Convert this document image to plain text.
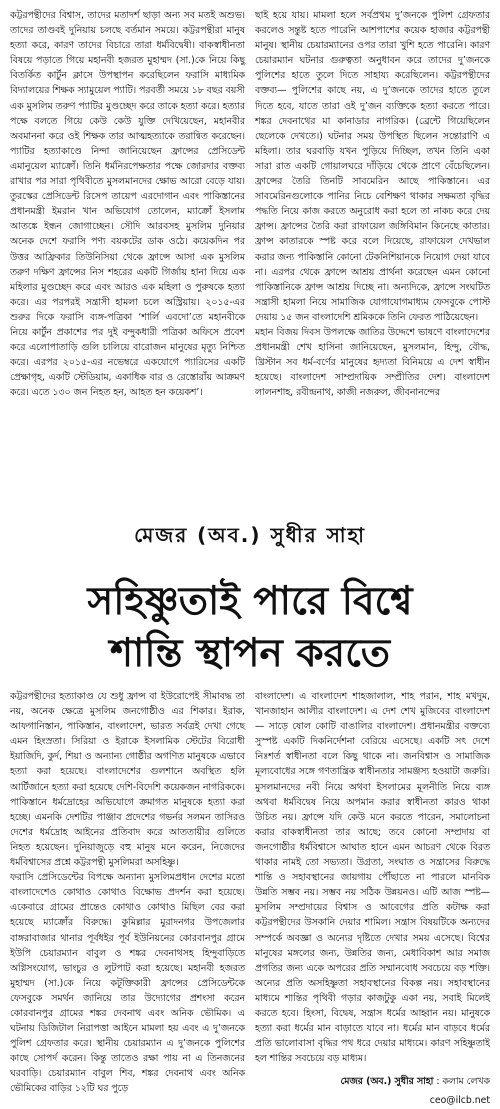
কট্টরপন্থীদের বিশ্বাস, তাদের মতাদর্শ ছাড়া অন্য সব মতই অশুভ। তাদের তাণ্ডবই দুনিয়ায় চলছে বর্তমান সময়ে। কট্টরপন্থীরা মানুষ হত্যা করে, কারণ তাদের বিচারে তারা ধর্মবিদ্বেষী। বাকস্বাধীনতা বিষয়ে পড়াতে গিয়ে মহানবী হজরত মুহাম্মদ (সা.)কে নিয়ে কিছু বিতর্কিত কার্টুন ক্লাসে উপস্থাপন করেছিলেন ফরাসি মাধ্যমিক বিদ্যালয়ের শিক্ষক স্যামুয়েল প্যাটি। পরবর্তী সময়ে ১৮ বছর বয়সী এক মুসলিম তরুণ প্যাটির মুণ্ডচ্ছেদ করে তাকে হত্যা করে। হত্যার পক্ষে বলতে গিয়ে কেউ কেউ যুক্তি দেখিয়েছেন, মহানবীর অবমাননা করে ওই শিক্ষক তার আত্মহত্যাকে তরান্বিত করেছেন। প্যাটির হত্যাকাণ্ডে নিন্দা জানিয়েছেন ফ্রান্সের প্রেসিডেন্ট এমানুয়েল ম্যাক্রোঁ। তিনি ধর্মনিরপেক্ষতার পক্ষে জোরদার বক্তব্য রাখার পর সারা পৃথিবীতে মুসলমানদের ক্ষোভ আরো বেড়ে যায়। তুরস্কের প্রেসিডেন্ট রিসেপ তায়েপ এরদোগান এবং পাকিস্তানের প্রধানমন্ত্রী ইমরান খান অভিযোগ তোলেন, ম্যাক্রোঁ ইসলাম আতঙ্কে ইন্ধন জোগাচ্ছেন। সৌদি আরবসহ মুসলিম দুনিয়ার অনেক দেশে ফরাসি পণ্য বয়কটের ডাক ওঠে। কয়েকদিন পর উত্তর আফ্রিকার তিউনিসিয়া থেকে ফ্রান্সে আসা এক মুসলিম তরুণ দক্ষিণ ফ্রান্সের নিস শহরের একটি গির্জায় হানা দিয়ে এক মহিলার মুণ্ডচ্ছেদ করে এবং আরও এক মহিলা ও পুরুষকে হত্যা করে। এর পরপরই সন্ত্রাসী হামলা চলে অস্ট্রিয়ায়। ২০১৫-এর শুরুর দিকে ফরাসি ব্যঙ্গ-পত্রিকা ‘শার্লি এবদো’তে মহানবীকে নিয়ে কার্টুন প্রকাশের পর দুই বন্দুকধারী পত্রিকা অফিসে প্রবেশ করে এলোপাতাড়ি গুলি চালিয়ে বারোজন মানুষের মৃত্যু নিশ্চিত করে। এরপর ২০১৫-এর নভেম্বরে একযোগে প্যারিসের একটি প্রেক্ষাগৃহ, একটি স্টেডিয়াম, একাধিক বার ও রেস্তোরাঁয় আক্রমণ করে। এতে ১৩০ জন নিহত হন, আহত হন কয়েকশ’।

ছাই হয়ে যায়। মামলা হলে সর্বপ্রথম দু’জনকে পুলিশ গ্রেফতার করলেও সন্তুষ্ট হতে পারেনি আশপাশের কয়েক হাজার কট্টরপন্থী মানুষ। স্থানীয় চেয়ারম্যানের ওপর তারা খুশি হতে পারেনি। কারণ চেয়ারম্যান ঘটনার গুরুত্বতা অনুধাবন করে তাদের দু’জনকে পুলিশের হাতে তুলে দিতে সাহায্য করেছিলেন। কট্টরপন্থীদের বক্তব্য— পুলিশের কাছে নয়, এ দু’জনকে তাদের হাতে তুলে দিতে হবে, যাতে তারা ওই দু’জন ব্যক্তিকে হত্যা করতে পারে। শঙ্কর দেবনাথের মা কানাডার নাগরিক। (ব্রেন্টে গিয়েছিলেন ছেলেকে দেখতে।) ঘটনার সময় উপস্থিত ছিলেন সন্তোরাণি এ মহিলা। তার ঘরবাড়ি যখন পুড়িয়ে দিচ্ছিল, তখন তিনি একা সারা রাত একটি গোয়ালঘরে দাঁড়িয়ে থেকে প্রাণে বেঁচেছিলেন। ফ্রান্সের তৈরি তিনটি সাবমেরিন আছে পাকিস্তানে। এর সাবমেরিনগুলোকে পানির নিচে বেশিক্ষণ থাকার সক্ষমতা বৃদ্ধির পদ্ধতি নিয়ে কাজ করতে অনুরোধ করা হলে তা নাকচ করে দেয় ফ্রান্স। ফ্রান্সের তৈরি করা রাফায়েল জঙ্গিবিমান কিনেছে কাতার। ফ্রান্স কাতারকে স্পষ্ট করে বলে দিয়েছে, রাফায়েল দেখভাল করার জন্য পাকিস্তানি কোনো টেকনিশিয়ানকে নিয়োগ দেয়া যাবে না। এরপর থেকে ফ্রান্সে আশ্রয় প্রার্থনা করেছেন এমন কোনো পাকিস্তানিকে ফ্রান্স আশ্রয় দিচ্ছে না। অন্যদিকে, ফ্রান্সে সংঘটিত সন্ত্রাসী হামলা নিয়ে সামাজিক যোগাযোগমাধ্যম ফেসবুকে পোস্ট দেয়ায় ১৫ জন বাংলাদেশি শ্রমিককে তিনি ফেরত পাঠিয়েছেন।
মহান বিজয় দিবস উপলক্ষে জাতির উদ্দেশে ভাষণে বাংলাদেশের প্রধানমন্ত্রী শেখ হাসিনা জানিয়েছেন, মুসলমান, হিন্দু, বৌদ্ধ, খ্রিস্টান সব ধর্ম-বর্ণের মানুষের হৃদ্যতা বিনিময়ে এ দেশ স্বাধীন হয়েছে। বাংলাদেশ সাম্প্রদায়িক সম্প্রীতির দেশ। বাংলাদেশ লালনশাহ, রবীন্দ্রনাথ, কাজী নজরুল, জীবনানন্দের

মেজর (অব.) সুধীর সাহা
সহিষ্ণুতাই পারে বিশ্বে
শান্তি স্থাপন করতে

কট্টরপন্থীদের হত্যাকাণ্ড যে শুধু ফ্রান্স বা ইউরোপেই সীমাবদ্ধ তা নয়, অনেক ক্ষেত্রে মুসলিম জনগোষ্ঠীও এর শিকার। ইরাক, আফগানিস্তান, পাকিস্তান, বাংলাদেশ, ভারত সর্বত্রই দেখা গেছে এমন হিংস্রতা। সিরিয়া ও ইরাকে ইসলামিক স্টেটের বিরোধী ইয়াজিদি, কুর্দ, শিয়া ও অন্যান্য গোষ্ঠীর অগণিত মানুষকে এভাবে হত্যা করা হয়েছে। বাংলাদেশের গুলশানে অবস্থিত হলি আর্টিজানে হত্যা করা হয়েছে দেশি-বিদেশি কয়েকজন নাগরিককে। পাকিস্তানে ধর্মদ্রোহের অভিযোগে ক্রমাগত মানুষকে হত্যা করা হচ্ছে। এমনকি দেশটির পাঞ্জাব প্রদেশের গভর্নর সলমন তাসিরও দেশের ধর্মদ্রোহ আইনের প্রতিবাদ করে আততায়ীর গুলিতে নিহত হয়েছেন। দুনিয়াজুড়ে বহু মানুষ মনে করেন, নিজেদের ধর্মবিশ্বাসের প্রশ্নে কট্টরপন্থী মুসলিমরা অসহিষ্ণু।
ফরাসি প্রেসিডেন্টের বিপক্ষে অন্যান্য মুসলিমপ্রধান দেশের মতো বাংলাদেশেও কোথাও কোথাও বিক্ষোভ প্রদর্শন করা হয়েছে। একেবারে গ্রামের প্রান্তেও কোথাও কোথাও মিছিল বের করা হয়েছে ম্যাক্রোঁর বিরুদ্ধে। কুমিল্লার মুরাদনগর উপজেলার বাঙ্গরাবাজার থানার পূর্বধইর পূর্ব ইউনিয়নের কোরবানপুর গ্রামে ইউপি চেয়ারম্যান বাবুল ও শঙ্কর দেবনাথসহ হিন্দুবাড়িতে অগ্নিসংযোগ, ভাংচুর ও লুটপাট করা হয়েছে। মহানবী হজরত মুহাম্মদ (সা.)কে নিয়ে কটূক্তিকারী ফ্রান্সের প্রেসিডেন্টকে ফেসবুকে সমর্থন জানিয়ে তার উদ্যোগের প্রশংসা করেন কোরবানপুর গ্রামের শঙ্কর দেবনাথ এবং অনিক ভৌমিক। এ ঘটনায় ডিজিটাল নিরাপত্তা আইনে মামলা হয় এবং এ দু’জনকে পুলিশ গ্রেফতার করে। স্থানীয় চেয়ারম্যান এ দু’জনকে পুলিশের কাছে সোপর্দ করেন। কিন্তু তাতেও রক্ষা পায় না এ তিনজনের ঘরবাড়ি। চেয়ারম্যান বাবুল শিব, শঙ্কর দেবনাথ এবং অনিক ভৌমিকের বাড়ির ১২টি ঘর পুড়ে

বাংলাদেশ। এ বাংলাদেশ শাহজালাল, শাহ পরান, শাহ মখদুম, খানজাহান আলীর বাংলাদেশ। এ দেশ শেখ মুজিবের বাংলাদেশ— সাড়ে ষোল কোটি বাঙালির বাংলাদেশ। প্রধানমন্ত্রীর বক্তব্যে সুস্পষ্ট একটি দিকনির্দেশনা বেরিয়ে এসেছে। একটি সৎ দেশে নিঃশর্ত স্বাধীনতা বলে কিছু থাকে না। জনবিশ্বাস ও সামাজিক মূল্যবোধের সঙ্গে গণতান্ত্রিক স্বাধীনতার সামঞ্জস্য হওয়াটা জরুরি। মুসলমানদের নবী নিয়ে অথবা ইসলামের মূলনীতি নিয়ে ব্যঙ্গ অথবা ধর্মবিদ্বেষ নিয়ে অপমান করার স্বাধীনতা কারও থাকা উচিত নয়। ফ্রান্সে যদি কেউ মনে করতে পারেন, সমালোচনা করার বাকস্বাধীনতা তার আছে; তবে কোনো সম্প্রদায় বা জনগোষ্ঠীর ধর্মবিশ্বাসে আঘাত হানে এমন আচরণ থেকে বিরত থাকার নামই তো সভ্যতা। উগ্রতা, সংঘাত ও সন্ত্রাসের বিরুদ্ধে শান্তি ও সহাবস্থানের জায়গায় পৌঁছাতে না পারলে মানবিক উন্নতি সম্ভব নয়। সম্ভব নয় সঠিক উন্নয়নও। এটি আজ স্পষ্ট— মুসলিম সম্প্রদায়ের বিশ্বাস ও আবেগের প্রতি কটাক্ষ করা কট্টরপন্থীদের উসকানি দেয়ার শামিল। সন্ত্রাস বিষয়টিকে অন্যদের সম্পর্কে অবজ্ঞা ও অন্যের দৃষ্টিতে দেখার সময় এসেছে। বিশ্বের মানুষের মঙ্গলের জন্য, উন্নতির জন্য, মেধাবিকাশ আর সমাজ প্রগতির জন্য একে অপরের প্রতি সম্মানবোধ সবচেয়ে বড় শক্তি। অন্যের প্রতি অসহিষ্ণুতা সহাবস্থানের বিকল্প নয়। সহাবস্থানের মাধ্যমে শান্তির পৃথিবী গড়ার কাজটুকু একা নয়, সবাই মিলেই করতে হবে। হিংসা, বিদ্বেষ, সন্ত্রাস ধর্মের আহ্বান নয়। মানুষকে হত্যা করা ধর্মের মান বাড়াতে যাবে না। ধর্মের মান বাড়বে ধর্মের প্রতি ভালোবাসা বৃদ্ধির পথ ধরে দেয়ার মাধ্যমে। কারণ সহিষ্ণুতাই হল শান্তির সবচেয়ে বড় মাধ্যম।

মেজর (অব.) সুধীর সাহা : কলাম লেখক
ceo@ilcb.net
